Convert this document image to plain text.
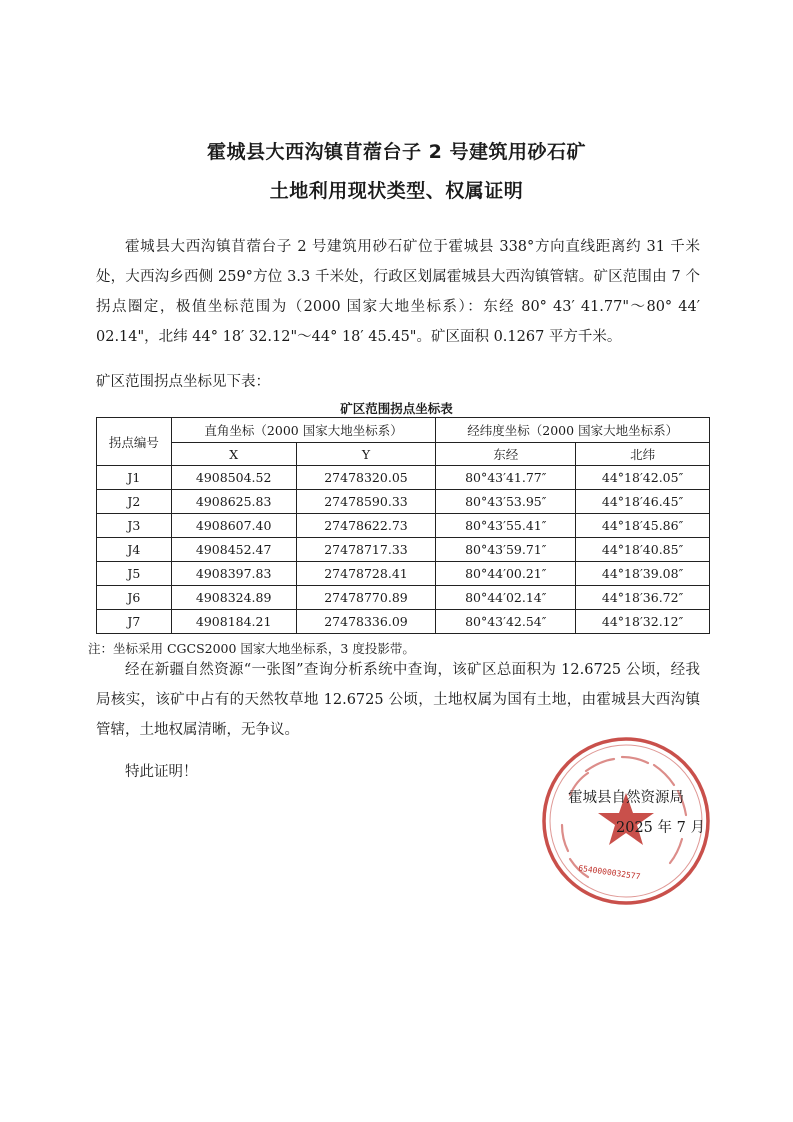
霍城县大西沟镇苜蓿台子 2 号建筑用砂石矿
土地利用现状类型、权属证明

霍城县大西沟镇苜蓿台子 2 号建筑用砂石矿位于霍城县 338°方向直线距离约 31 千米处，大西沟乡西侧 259°方位 3.3 千米处，行政区划属霍城县大西沟镇管辖。矿区范围由 7 个拐点圈定，极值坐标范围为（2000 国家大地坐标系）：东经 80° 43′ 41.77"～80° 44′ 02.14"，北纬 44° 18′ 32.12"～44° 18′ 45.45"。矿区面积 0.1267 平方千米。

矿区范围拐点坐标见下表：

矿区范围拐点坐标表
拐点编号	直角坐标（2000 国家大地坐标系）		经纬度坐标（2000 国家大地坐标系）	
	X	Y	东经	北纬
J1	4908504.52	27478320.05	80°43′41.77″	44°18′42.05″
J2	4908625.83	27478590.33	80°43′53.95″	44°18′46.45″
J3	4908607.40	27478622.73	80°43′55.41″	44°18′45.86″
J4	4908452.47	27478717.33	80°43′59.71″	44°18′40.85″
J5	4908397.83	27478728.41	80°44′00.21″	44°18′39.08″
J6	4908324.89	27478770.89	80°44′02.14″	44°18′36.72″
J7	4908184.21	27478336.09	80°43′42.54″	44°18′32.12″
注：坐标采用 CGCS2000 国家大地坐标系，3 度投影带。

经在新疆自然资源“一张图”查询分析系统中查询，该矿区总面积为 12.6725 公顷，经我局核实，该矿中占有的天然牧草地 12.6725 公顷，土地权属为国有土地，由霍城县大西沟镇管辖，土地权属清晰，无争议。

特此证明！

6540000032577
霍城县自然资源局
2025 年 7 月
